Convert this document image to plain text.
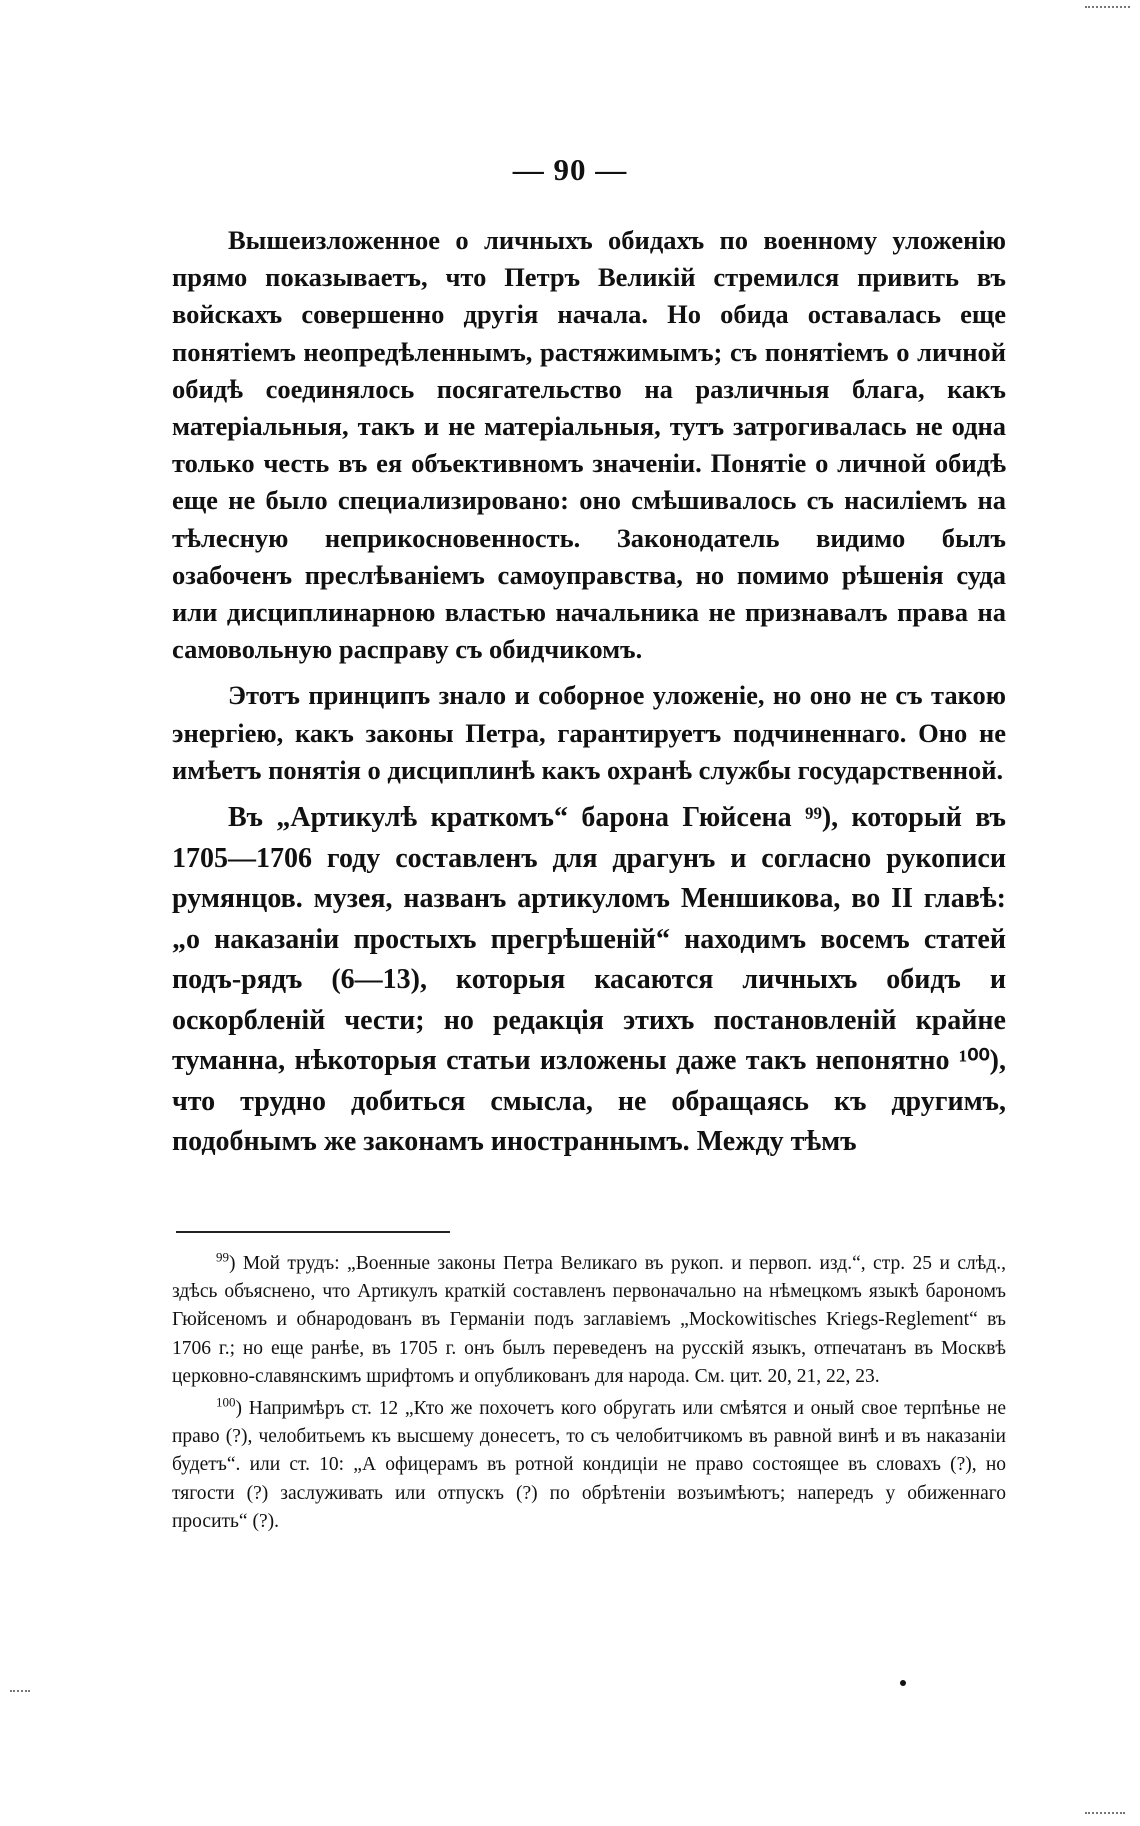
— 90 —

Вышеизложенное о личныхъ обидахъ по военному уложенію прямо показываетъ, что Петръ Великій стремился привить въ войскахъ совершенно другія начала. Но обида оставалась еще понятіемъ неопредѣленнымъ, растяжимымъ; съ понятіемъ о личной обидѣ соединялось посягательство на различныя блага, какъ матеріальныя, такъ и не матеріальныя, тутъ затрогивалась не одна только честь въ ея объективномъ значеніи. Понятіе о личной обидѣ еще не было специализировано: оно смѣшивалось съ насиліемъ на тѣлесную неприкосновенность. Законодатель видимо былъ озабоченъ преслѣваніемъ самоуправства, но помимо рѣшенія суда или дисциплинарною властью начальника не признавалъ права на самовольную расправу съ обидчикомъ.

Этотъ принципъ знало и соборное уложеніе, но оно не съ такою энергіею, какъ законы Петра, гарантируетъ подчиненнаго. Оно не имѣетъ понятія о дисциплинѣ какъ охранѣ службы государственной.

Въ „Артикулѣ краткомъ“ барона Гюйсена ⁹⁹), который въ 1705—1706 году составленъ для драгунъ и согласно рукописи румянцов. музея, названъ артикуломъ Меншикова, во II главѣ: „о наказаніи простыхъ прегрѣшеній“ находимъ восемъ статей подъ-рядъ (6—13), которыя касаются личныхъ обидъ и оскорбленій чести; но редакція этихъ постановленій крайне туманна, нѣкоторыя статьи изложены даже такъ непонятно ¹⁰⁰), что трудно добиться смысла, не обращаясь къ другимъ, подобнымъ же законамъ иностраннымъ. Между тѣмъ

$^{99}$) Мой трудъ: „Военные законы Петра Великаго въ рукоп. и первоп. изд.“, стр. 25 и слѣд., здѣсь объяснено, что Артикулъ краткій составленъ первоначально на нѣмецкомъ языкѣ барономъ Гюйсеномъ и обнародованъ въ Германіи подъ заглавіемъ „Mockowitisches Kriegs-Reglement“ въ 1706 г.; но еще ранѣе, въ 1705 г. онъ былъ переведенъ на русскій языкъ, отпечатанъ въ Москвѣ церковно-славянскимъ шрифтомъ и опубликованъ для народа. См. цит. 20, 21, 22, 23.

$^{100}$) Напримѣръ ст. 12 „Кто же похочетъ кого обругать или смѣятся и оный свое терпѣнье не право (?), челобитьемъ къ высшему донесетъ, то съ челобитчикомъ въ равной винѣ и въ наказаніи будетъ“. или ст. 10: „А офицерамъ въ ротной кондиціи не право состоящее въ словахъ (?), но тягости (?) заслуживать или отпускъ (?) по обрѣтеніи возъимѣютъ; напередъ у обиженнаго просить“ (?).
